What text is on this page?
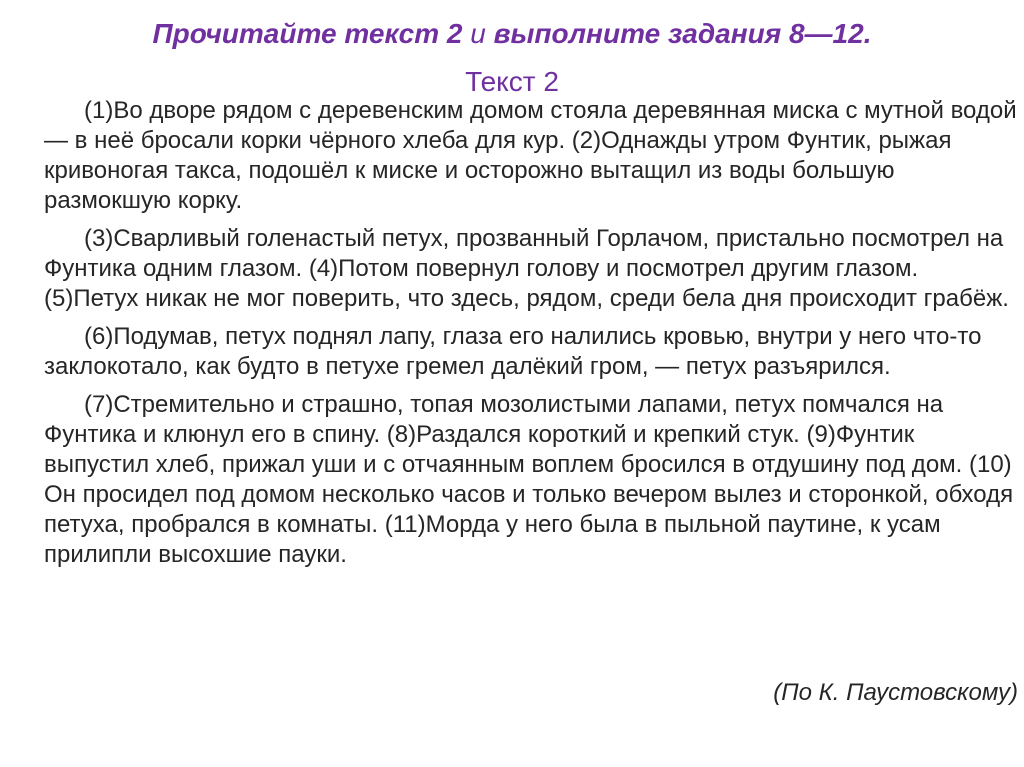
Прочитайте текст 2 и выполните задания 8—12.
Текст 2

(1)Во дворе рядом с деревенским домом стояла деревянная миска с мутной водой — в неё бросали корки чёрного хлеба для кур. (2)Однажды утром Фунтик, рыжая кривоногая такса, подошёл к миске и осторожно вытащил из воды большую размокшую корку.

(3)Сварливый голенастый петух, прозванный Горлачом, пристально посмотрел на Фунтика одним глазом. (4)Потом повернул голову и посмотрел другим глазом. (5)Петух никак не мог поверить, что здесь, рядом, среди бела дня происходит грабёж.

(6)Подумав, петух поднял лапу, глаза его налились кровью, внутри у него что-то заклокотало, как будто в петухе гремел далёкий гром, — петух разъярился.

(7)Стремительно и страшно, топая мозолистыми лапами, петух помчался на Фунтика и клюнул его в спину. (8)Раздался короткий и крепкий стук. (9)Фунтик выпустил хлеб, прижал уши и с отчаянным воплем бросился в отдушину под дом. (10) Он просидел под домом несколько часов и только вечером вылез и сторонкой, обходя петуха, пробрался в комнаты. (11)Морда у него была в пыльной паутине, к усам прилипли высохшие пауки.

(По К. Паустовскому)
